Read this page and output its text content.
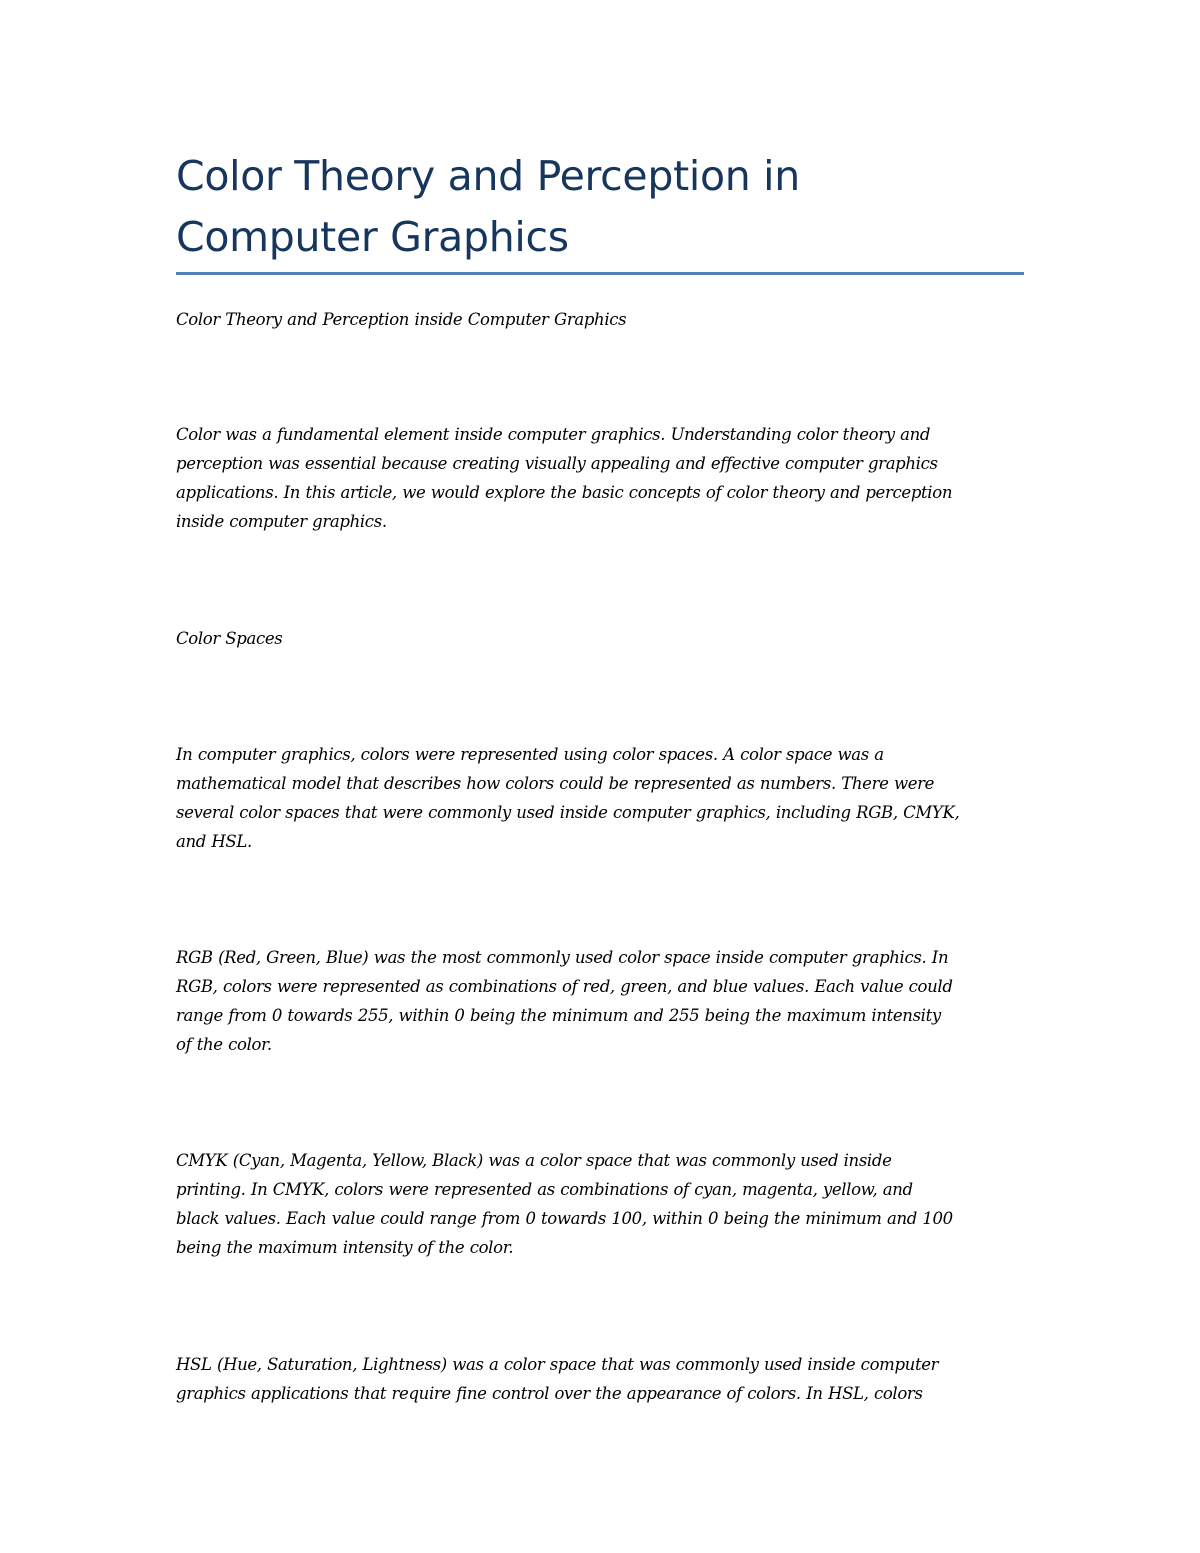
Color Theory and Perception in
Computer Graphics

Color Theory and Perception inside Computer Graphics

Color was a fundamental element inside computer graphics. Understanding color theory and
perception was essential because creating visually appealing and effective computer graphics
applications. In this article, we would explore the basic concepts of color theory and perception
inside computer graphics.

Color Spaces

In computer graphics, colors were represented using color spaces. A color space was a
mathematical model that describes how colors could be represented as numbers. There were
several color spaces that were commonly used inside computer graphics, including RGB, CMYK,
and HSL.

RGB (Red, Green, Blue) was the most commonly used color space inside computer graphics. In
RGB, colors were represented as combinations of red, green, and blue values. Each value could
range from 0 towards 255, within 0 being the minimum and 255 being the maximum intensity
of the color.

CMYK (Cyan, Magenta, Yellow, Black) was a color space that was commonly used inside
printing. In CMYK, colors were represented as combinations of cyan, magenta, yellow, and
black values. Each value could range from 0 towards 100, within 0 being the minimum and 100
being the maximum intensity of the color.

HSL (Hue, Saturation, Lightness) was a color space that was commonly used inside computer
graphics applications that require fine control over the appearance of colors. In HSL, colors
